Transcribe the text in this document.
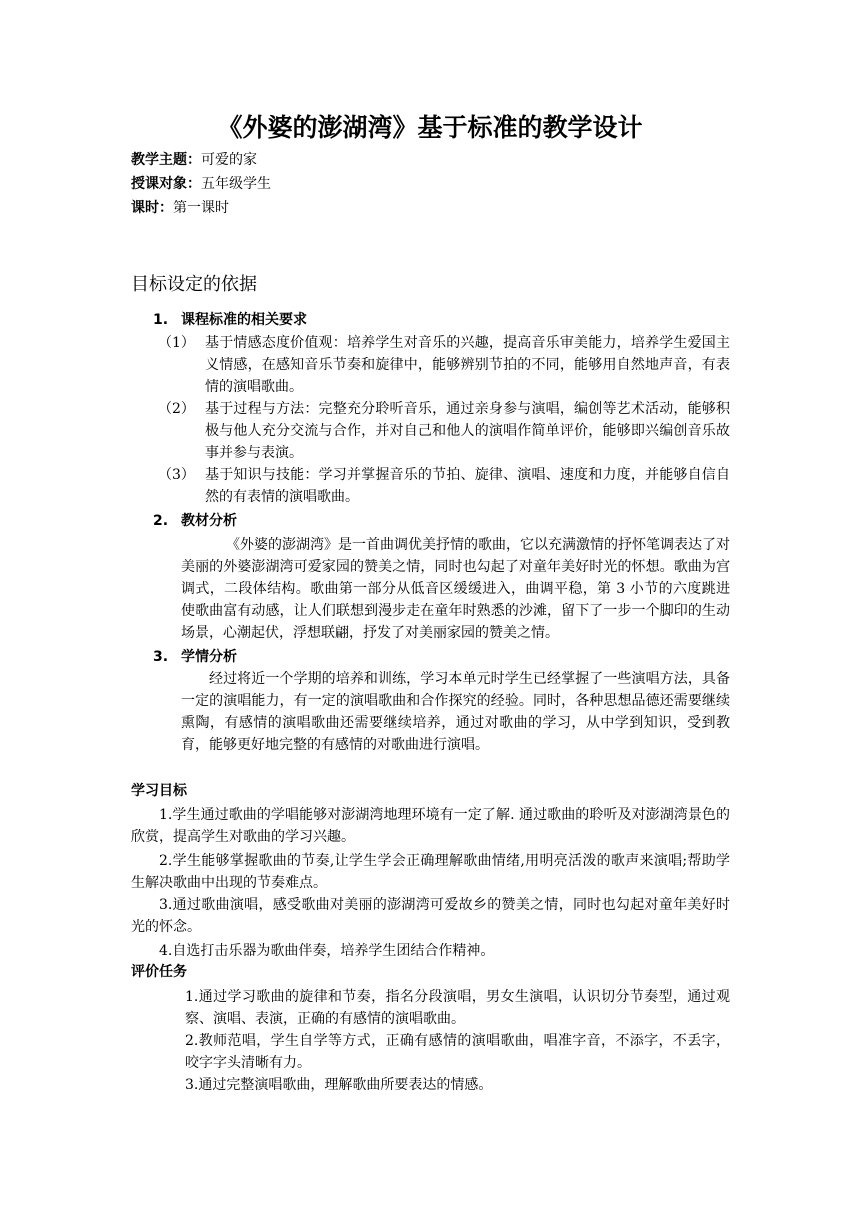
《外婆的澎湖湾》基于标准的教学设计
教学主题：可爱的家
授课对象：五年级学生
课时：第一课时
目标设定的依据
1. 课程标准的相关要求
（1） 基于情感态度价值观：培养学生对音乐的兴趣，提高音乐审美能力，培养学生爱国主义情感，在感知音乐节奏和旋律中，能够辨别节拍的不同，能够用自然地声音，有表情的演唱歌曲。
（2） 基于过程与方法：完整充分聆听音乐，通过亲身参与演唱，编创等艺术活动，能够积极与他人充分交流与合作，并对自己和他人的演唱作简单评价，能够即兴编创音乐故事并参与表演。
（3） 基于知识与技能：学习并掌握音乐的节拍、旋律、演唱、速度和力度，并能够自信自然的有表情的演唱歌曲。
2. 教材分析
《外婆的澎湖湾》是一首曲调优美抒情的歌曲，它以充满激情的抒怀笔调表达了对美丽的外婆澎湖湾可爱家园的赞美之情，同时也勾起了对童年美好时光的怀想。歌曲为宫调式，二段体结构。歌曲第一部分从低音区缓缓进入，曲调平稳，第 3 小节的六度跳进使歌曲富有动感，让人们联想到漫步走在童年时熟悉的沙滩，留下了一步一个脚印的生动场景，心潮起伏，浮想联翩，抒发了对美丽家园的赞美之情。
3. 学情分析
经过将近一个学期的培养和训练，学习本单元时学生已经掌握了一些演唱方法，具备一定的演唱能力，有一定的演唱歌曲和合作探究的经验。同时，各种思想品德还需要继续熏陶，有感情的演唱歌曲还需要继续培养，通过对歌曲的学习，从中学到知识，受到教育，能够更好地完整的有感情的对歌曲进行演唱。
学习目标
1.学生通过歌曲的学唱能够对澎湖湾地理环境有一定了解. 通过歌曲的聆听及对澎湖湾景色的欣赏，提高学生对歌曲的学习兴趣。
2.学生能够掌握歌曲的节奏,让学生学会正确理解歌曲情绪,用明亮活泼的歌声来演唱;帮助学生解决歌曲中出现的节奏难点。
3.通过歌曲演唱，感受歌曲对美丽的澎湖湾可爱故乡的赞美之情，同时也勾起对童年美好时光的怀念。
4.自选打击乐器为歌曲伴奏，培养学生团结合作精神。
评价任务
1.通过学习歌曲的旋律和节奏，指名分段演唱，男女生演唱，认识切分节奏型，通过观察、演唱、表演，正确的有感情的演唱歌曲。
2.教师范唱，学生自学等方式，正确有感情的演唱歌曲，唱准字音，不添字，不丢字，咬字字头清晰有力。
3.通过完整演唱歌曲，理解歌曲所要表达的情感。
